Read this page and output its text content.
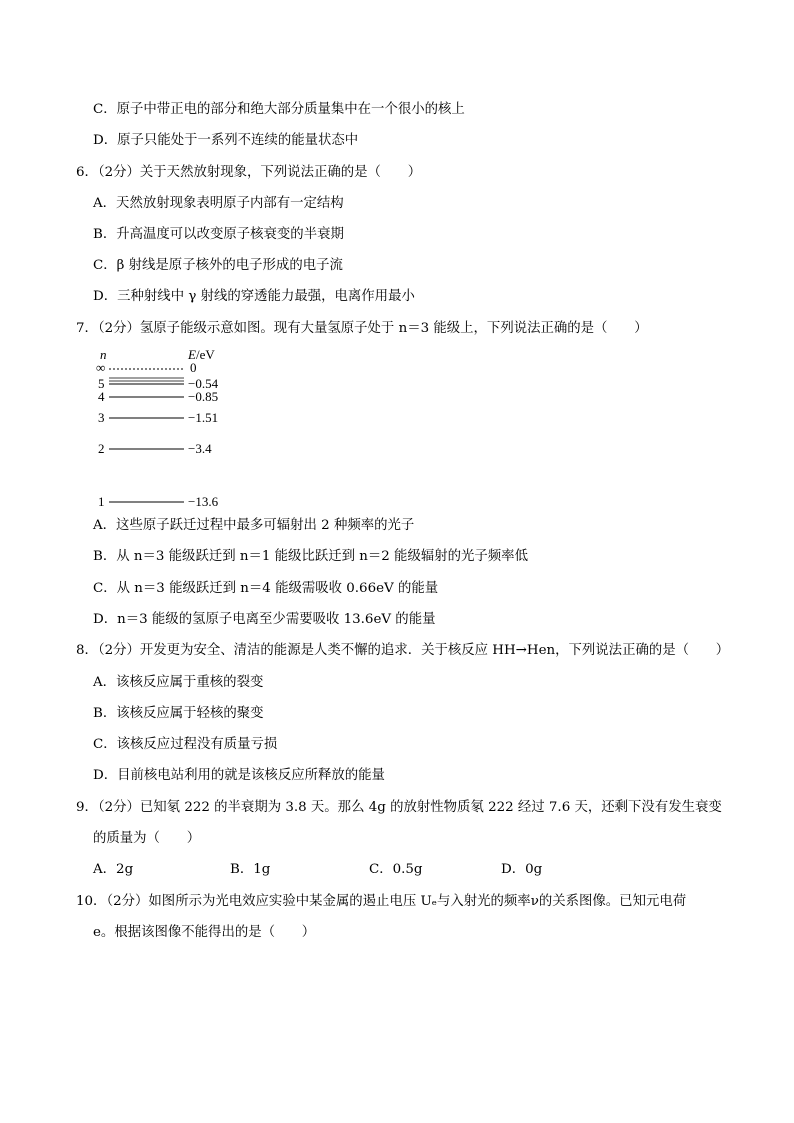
C．原子中带正电的部分和绝大部分质量集中在一个很小的核上
D．原子只能处于一系列不连续的能量状态中
6．（2分）关于天然放射现象，下列说法正确的是（　　）
A．天然放射现象表明原子内部有一定结构
B．升高温度可以改变原子核衰变的半衰期
C．β 射线是原子核外的电子形成的电子流
D．三种射线中 γ 射线的穿透能力最强，电离作用最小
7．（2分）氢原子能级示意如图。现有大量氢原子处于 n＝3 能级上，下列说法正确的是（　　）
n	E/eV
∞	0
5	−0.54
4	−0.85
3	−1.51
2	−3.4
1	−13.6
A．这些原子跃迁过程中最多可辐射出 2 种频率的光子
B．从 n＝3 能级跃迁到 n＝1 能级比跃迁到 n＝2 能级辐射的光子频率低
C．从 n＝3 能级跃迁到 n＝4 能级需吸收 0.66eV 的能量
D．n＝3 能级的氢原子电离至少需要吸收 13.6eV 的能量
8．（2分）开发更为安全、清洁的能源是人类不懈的追求．关于核反应 HH→Hen，下列说法正确的是（　　）
A．该核反应属于重核的裂变
B．该核反应属于轻核的聚变
C．该核反应过程没有质量亏损
D．目前核电站利用的就是该核反应所释放的能量
9．（2分）已知氡 222 的半衰期为 3.8 天。那么 4g 的放射性物质氡 222 经过 7.6 天，还剩下没有发生衰变
的质量为（　　）
A．2g	B．1g	C．0.5g	D．0g
10．（2分）如图所示为光电效应实验中某金属的遏止电压 Uₑ与入射光的频率ν的关系图像。已知元电荷
e。根据该图像不能得出的是（　　）
